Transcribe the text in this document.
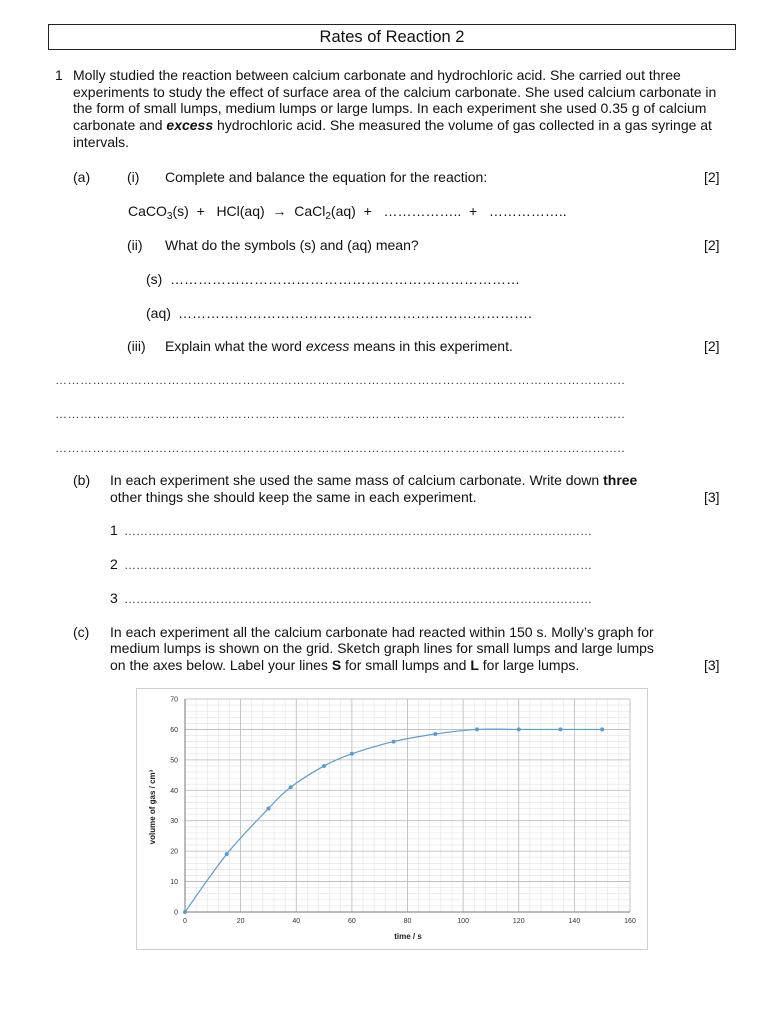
Rates of Reaction 2
1 Molly studied the reaction between calcium carbonate and hydrochloric acid. She carried out three experiments to study the effect of surface area of the calcium carbonate. She used calcium carbonate in the form of small lumps, medium lumps or large lumps. In each experiment she used 0.35 g of calcium carbonate and excess hydrochloric acid. She measured the volume of gas collected in a gas syringe at intervals.
(a)	(i) Complete and balance the equation for the reaction:	[2]
CaCO$_3$(s) + HCl(aq) → CaCl$_2$(aq) + …………….. + ……………..
(ii) What do the symbols (s) and (aq) mean?	[2]
(s) …………………………………………………………………
(aq) ………………………………………………………………….
(iii) Explain what the word excess means in this experiment.	[2]
………………………………………………………………………………………………………………………..
………………………………………………………………………………………………………………………..
………………………………………………………………………………………………………………………..
(b) In each experiment she used the same mass of calcium carbonate. Write down three
other things she should keep the same in each experiment.	[3]
1 ………………………………………………………………………………………………………
2 ………………………………………………………………………………………………………
3 ………………………………………………………………………………………………………
(c) In each experiment all the calcium carbonate had reacted within 150 s. Molly’s graph for
medium lumps is shown on the grid. Sketch graph lines for small lumps and large lumps
on the axes below. Label your lines S for small lumps and L for large lumps.	[3]
0	20	40	60	80	100	120	140	160
0
10
20
30
40
50
60
70
time / s
volume of gas / cm³
